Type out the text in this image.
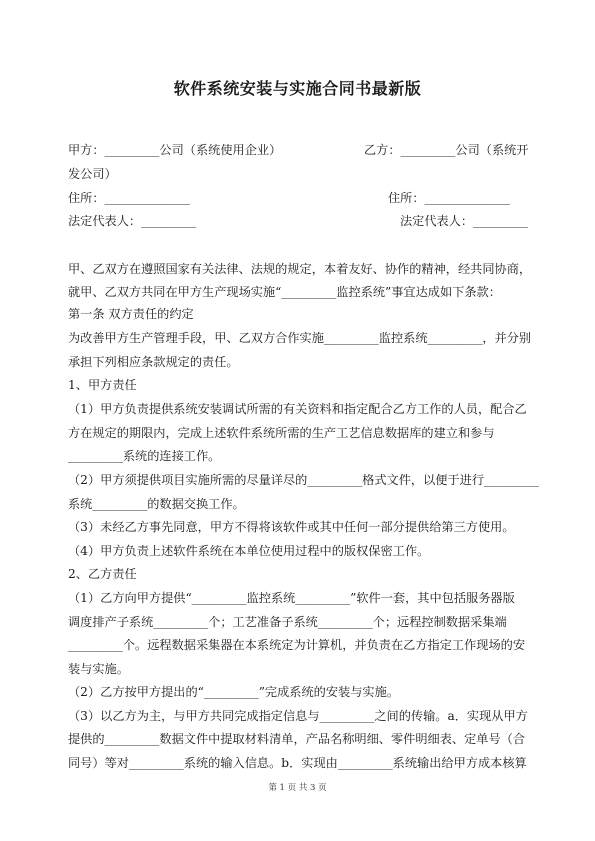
软件系统安装与实施合同书最新版
甲方：_________公司（系统使用企业）	乙方：_________公司（系统开
发公司）
住所：______________	住所：______________
法定代表人：_________	法定代表人：_________
甲、乙双方在遵照国家有关法律、法规的规定，本着友好、协作的精神，经共同协商，
就甲、乙双方共同在甲方生产现场实施“_________监控系统”事宜达成如下条款：
第一条 双方责任的约定
为改善甲方生产管理手段，甲、乙双方合作实施_________监控系统_________，并分别
承担下列相应条款规定的责任。
1、甲方责任
（1）甲方负责提供系统安装调试所需的有关资料和指定配合乙方工作的人员，配合乙
方在规定的期限内，完成上述软件系统所需的生产工艺信息数据库的建立和参与
_________系统的连接工作。
（2）甲方须提供项目实施所需的尽量详尽的_________格式文件，以便于进行_________
系统_________的数据交换工作。
（3）未经乙方事先同意，甲方不得将该软件或其中任何一部分提供给第三方使用。
（4）甲方负责上述软件系统在本单位使用过程中的版权保密工作。
2、乙方责任
（1）乙方向甲方提供“_________监控系统_________”软件一套，其中包括服务器版
调度排产子系统_________个；工艺准备子系统_________个；远程控制数据采集端
_________个。远程数据采集器在本系统定为计算机，并负责在乙方指定工作现场的安
装与实施。
（2）乙方按甲方提出的“_________”完成系统的安装与实施。
（3）以乙方为主，与甲方共同完成指定信息与_________之间的传输。a．实现从甲方
提供的_________数据文件中提取材料清单，产品名称明细、零件明细表、定单号（合
同号）等对_________系统的输入信息。b．实现由_________系统输出给甲方成本核算
第 1 页 共 3 页
